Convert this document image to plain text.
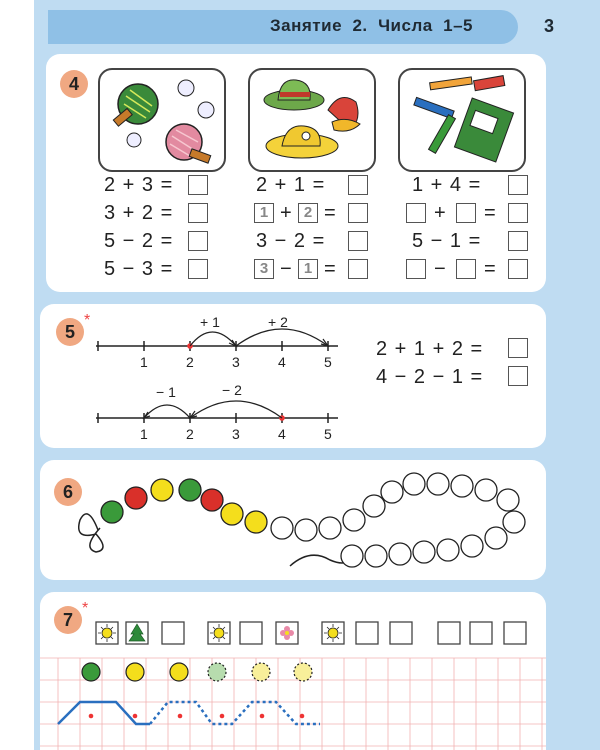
Занятие  2.  Числа  1–5	3
4
2 + 3 =
3 + 2 =
5 − 2 =
5 − 3 =
2 + 1 =
1 + 2 =
3 − 2 =
3 − 1 =
1 + 4 =
+ =
5 − 1 =
− =
5
*
1	2	3	4	5
+ 1	+ 2
1	2	3	4	5
− 1	− 2
2 + 1 + 2 =
4 − 2 − 1 =
6
7
*
